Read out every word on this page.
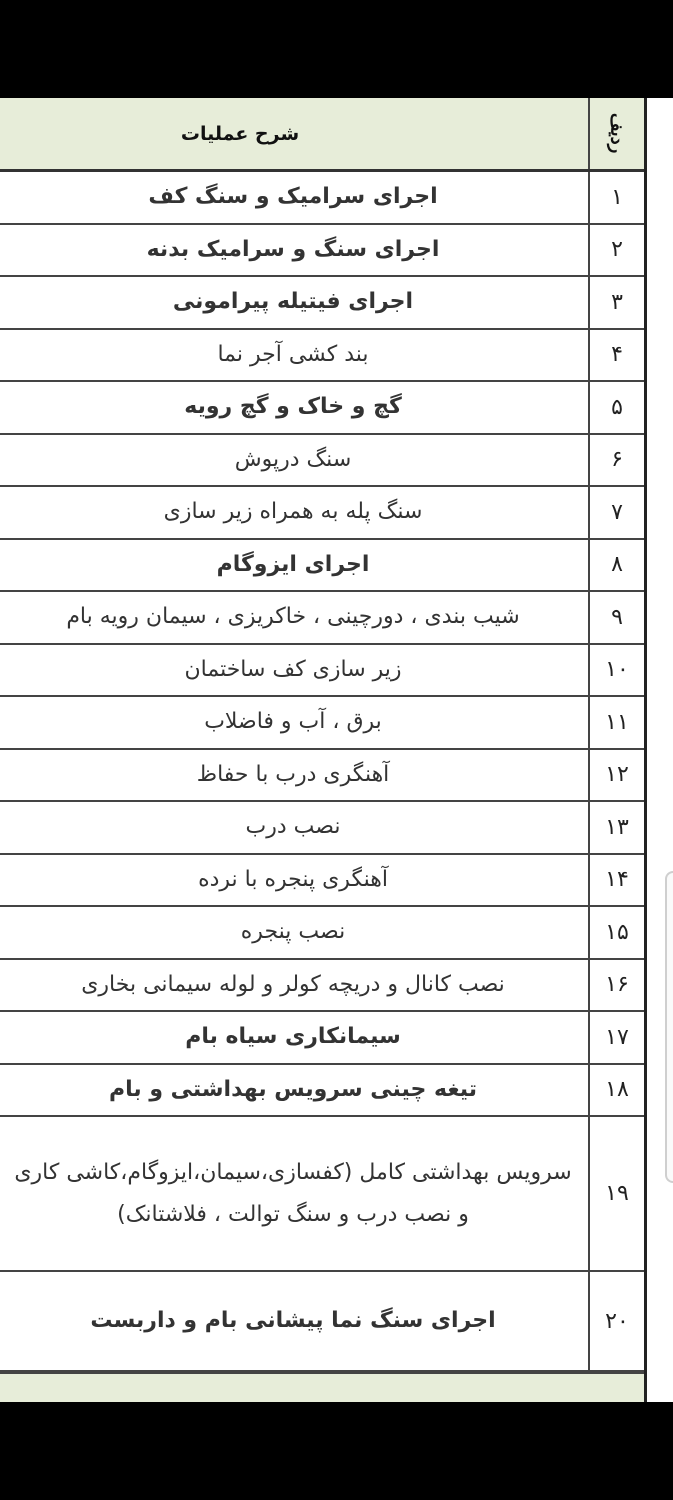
ردیف
شرح عملیات
۱
اجرای سرامیک و سنگ کف
۲
اجرای سنگ و سرامیک بدنه
۳
اجرای فیتیله پیرامونی
۴
بند کشی آجر نما
۵
گچ و خاک و گچ رویه
۶
سنگ درپوش
۷
سنگ پله به همراه زیر سازی
۸
اجرای ایزوگام
۹
شیب بندی ، دورچینی ، خاکریزی ، سیمان رویه بام
۱۰
زیر سازی کف ساختمان
۱۱
برق ، آب و فاضلاب
۱۲
آهنگری درب با حفاظ
۱۳
نصب درب
۱۴
آهنگری پنجره با نرده
۱۵
نصب پنجره
۱۶
نصب کانال و دریچه کولر و لوله سیمانی بخاری
۱۷
سیمانکاری سیاه بام
۱۸
تیغه چینی سرویس بهداشتی و بام
۱۹
سرویس بهداشتی کامل (کفسازی،سیمان،ایزوگام،کاشی کاری و نصب درب و سنگ توالت ، فلاشتانک)
۲۰
اجرای سنگ نما پیشانی بام و داربست
